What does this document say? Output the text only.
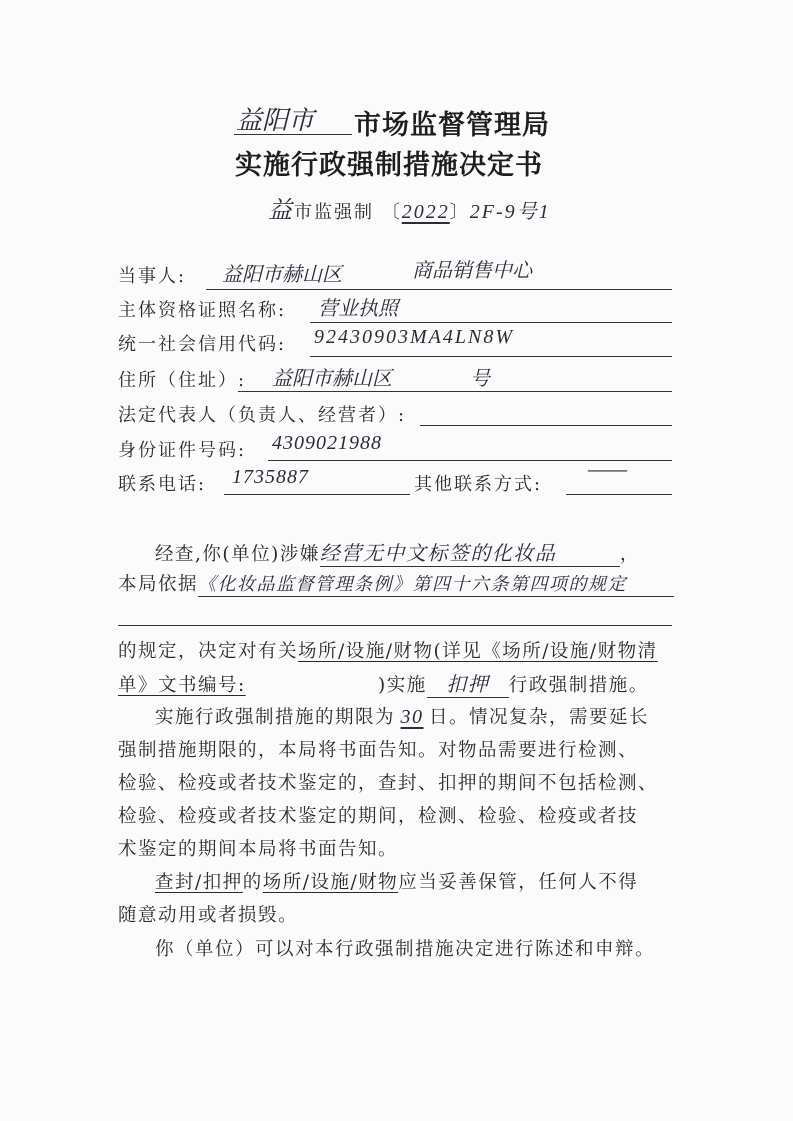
益阳市 市场监督管理局
实施行政强制措施决定书
益市监强制 〔2022〕2F-9号1
当事人: 益阳市赫山区	商品销售中心
主体资格证照名称: 营业执照
统一社会信用代码: 92430903MA4LN8W
住所（住址）: 益阳市赫山区	号
法定代表人（负责人、经营者）:
身份证件号码: 4309021988
联系电话: 1735887	其他联系方式:
——
经查,你(单位)涉嫌经营无中文标签的化妆品	，
本局依据《化妆品监督管理条例》第四十六条第四项的规定
的规定，决定对有关场所/设施/财物(详见《场所/设施/财物清
单》文书编号:	)实施 扣押 行政强制措施。
实施行政强制措施的期限为 30 日。情况复杂，需要延长
强制措施期限的，本局将书面告知。对物品需要进行检测、
检验、检疫或者技术鉴定的，查封、扣押的期间不包括检测、
检验、检疫或者技术鉴定的期间，检测、检验、检疫或者技
术鉴定的期间本局将书面告知。
查封/扣押的场所/设施/财物应当妥善保管，任何人不得
随意动用或者损毁。
你（单位）可以对本行政强制措施决定进行陈述和申辩。
